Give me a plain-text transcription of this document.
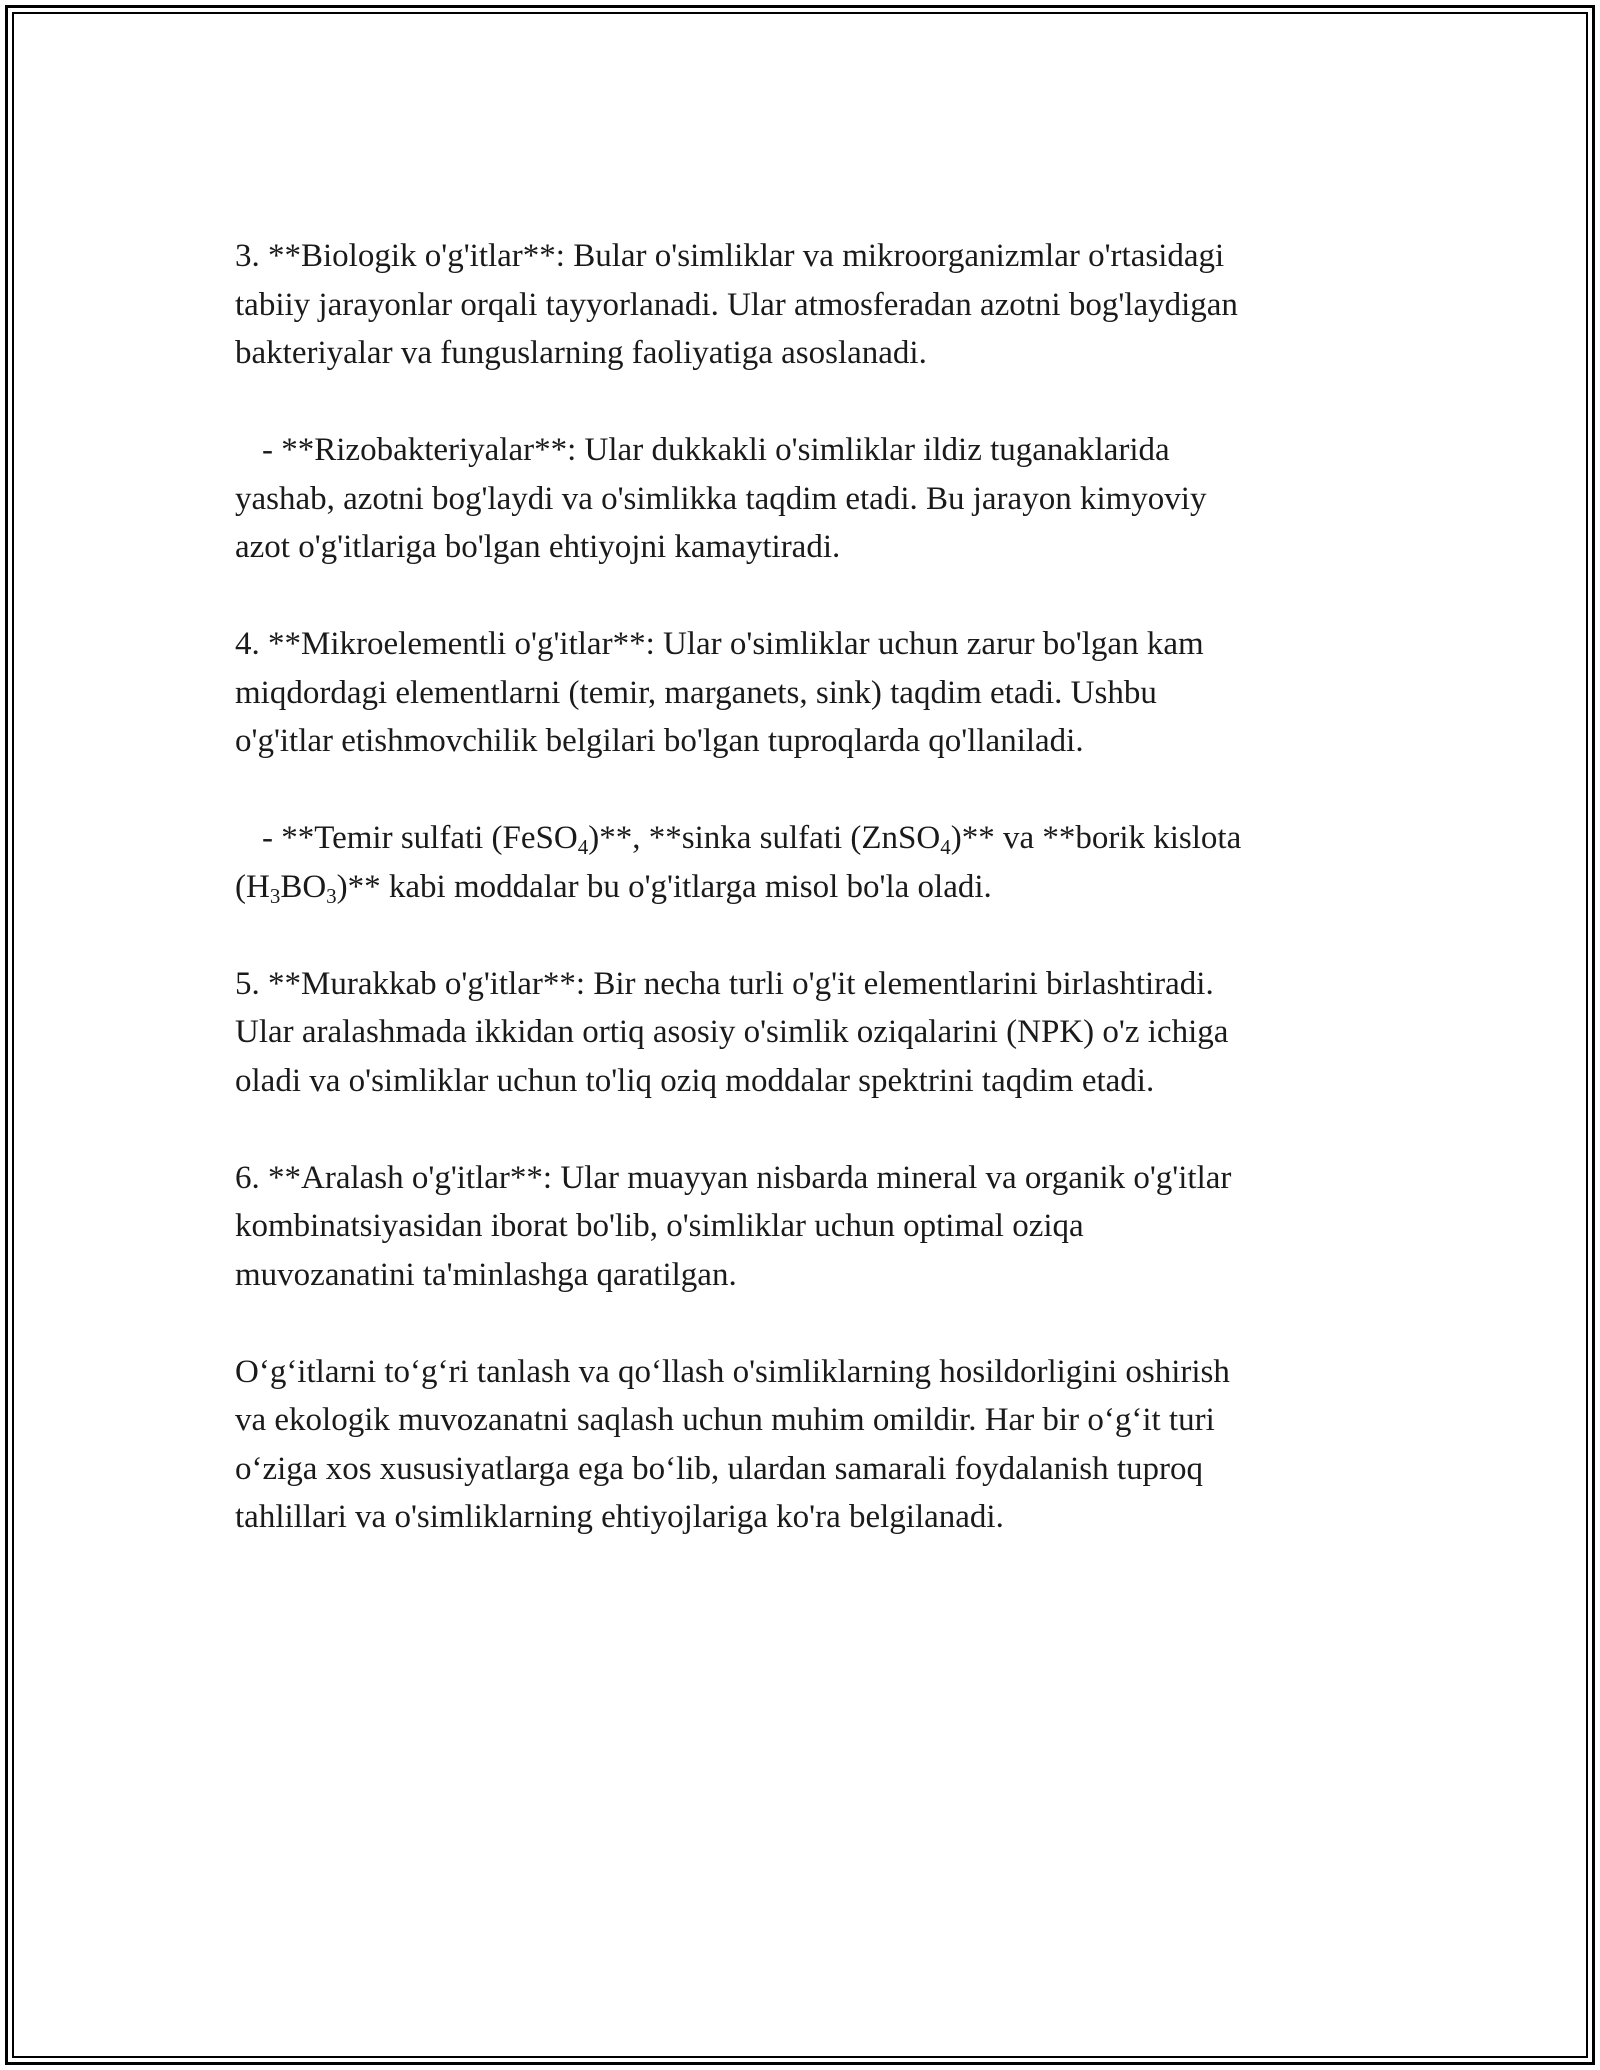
3. **Biologik o'g'itlar**: Bular o'simliklar va mikroorganizmlar o'rtasidagi
tabiiy jarayonlar orqali tayyorlanadi. Ular atmosferadan azotni bog'laydigan
bakteriyalar va funguslarning faoliyatiga asoslanadi.

- **Rizobakteriyalar**: Ular dukkakli o'simliklar ildiz tuganaklarida
yashab, azotni bog'laydi va o'simlikka taqdim etadi. Bu jarayon kimyoviy
azot o'g'itlariga bo'lgan ehtiyojni kamaytiradi.

4. **Mikroelementli o'g'itlar**: Ular o'simliklar uchun zarur bo'lgan kam
miqdordagi elementlarni (temir, marganets, sink) taqdim etadi. Ushbu
o'g'itlar etishmovchilik belgilari bo'lgan tuproqlarda qo'llaniladi.

- **Temir sulfati (FeSO$_4$)**, **sinka sulfati (ZnSO$_4$)** va **borik kislota
$(H_3BO_3)**$ kabi moddalar bu o'g'itlarga misol bo'la oladi.

5. **Murakkab o'g'itlar**: Bir necha turli o'g'it elementlarini birlashtiradi.
Ular aralashmada ikkidan ortiq asosiy o'simlik oziqalarini (NPK) o'z ichiga
oladi va o'simliklar uchun to'liq oziq moddalar spektrini taqdim etadi.

6. **Aralash o'g'itlar**: Ular muayyan nisbarda mineral va organik o'g'itlar
kombinatsiyasidan iborat bo'lib, o'simliklar uchun optimal oziqa
muvozanatini ta'minlashga qaratilgan.

O‘g‘itlarni to‘g‘ri tanlash va qo‘llash o'simliklarning hosildorligini oshirish
va ekologik muvozanatni saqlash uchun muhim omildir. Har bir o‘g‘it turi
o‘ziga xos xususiyatlarga ega bo‘lib, ulardan samarali foydalanish tuproq
tahlillari va o'simliklarning ehtiyojlariga ko'ra belgilanadi.
